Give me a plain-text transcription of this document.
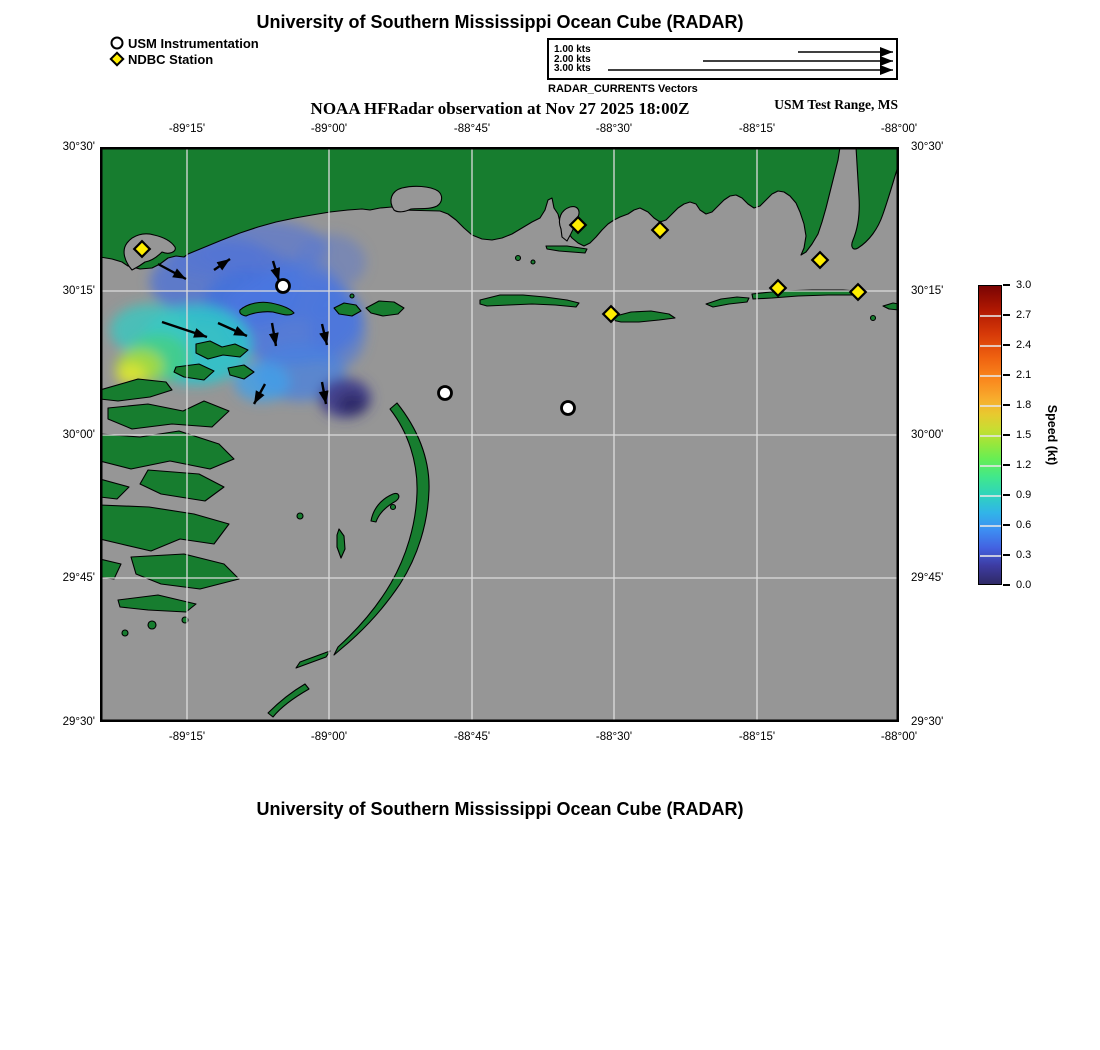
University of Southern Mississippi Ocean Cube (RADAR)
USM Instrumentation
NDBC Station
1.00 kts
2.00 kts
3.00 kts
RADAR_CURRENTS Vectors
NOAA HFRadar observation at Nov 27 2025 18:00Z	USM Test Range, MS
-89°15'
-89°15'
-89°00'
-89°00'
-88°45'
-88°45'
-88°30'
-88°30'
-88°15'
-88°15'
-88°00'
-88°00'
30°30'	30°30'
30°15'	30°15'
30°00'	30°00'
29°45'	29°45'
29°30'	29°30'
3.0
2.7
2.4
2.1
1.8
1.5
1.2
0.9
0.6
0.3
0.0
Speed (kt)
University of Southern Mississippi Ocean Cube (RADAR)
